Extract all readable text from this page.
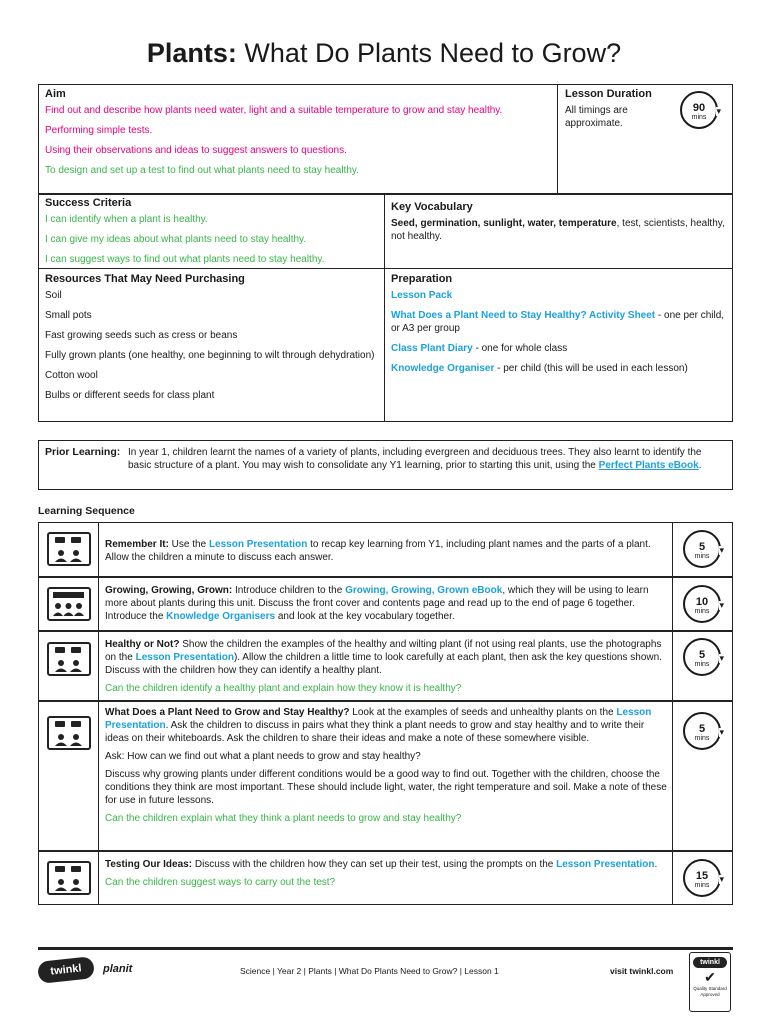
Plants: What Do Plants Need to Grow?
Aim
Find out and describe how plants need water, light and a suitable temperature to grow and stay healthy.
Performing simple tests.
Using their observations and ideas to suggest answers to questions.
To design and set up a test to find out what plants need to stay healthy.
Lesson Duration
All timings are approximate.
90
mins
▾
Success Criteria
I can identify when a plant is healthy.
I can give my ideas about what plants need to stay healthy.
I can suggest ways to find out what plants need to stay healthy.
Key Vocabulary
Seed, germination, sunlight, water, temperature, test, scientists, healthy, not healthy.
Resources That May Need Purchasing
Soil
Small pots
Fast growing seeds such as cress or beans
Fully grown plants (one healthy, one beginning to wilt through dehydration)
Cotton wool
Bulbs or different seeds for class plant
Preparation
Lesson Pack
What Does a Plant Need to Stay Healthy? Activity Sheet - one per child, or A3 per group
Class Plant Diary - one for whole class
Knowledge Organiser - per child (this will be used in each lesson)
Prior Learning: In year 1, children learnt the names of a variety of plants, including evergreen and deciduous trees. They also learnt to identify the basic structure of a plant. You may wish to consolidate any Y1 learning, prior to starting this unit, using the Perfect Plants eBook.
Learning Sequence
Remember It: Use the Lesson Presentation to recap key learning from Y1, including plant names and the parts of a plant. Allow the children a minute to discuss each answer.
5
mins
▾
Growing, Growing, Grown: Introduce children to the Growing, Growing, Grown eBook, which they will be using to learn more about plants during this unit. Discuss the front cover and contents page and read up to the end of page 6 together. Introduce the Knowledge Organisers and look at the key vocabulary together.
10
mins
▾
Healthy or Not? Show the children the examples of the healthy and wilting plant (if not using real plants, use the photographs on the Lesson Presentation). Allow the children a little time to look carefully at each plant, then ask the key questions shown. Discuss with the children how they can identify a healthy plant.
Can the children identify a healthy plant and explain how they know it is healthy?
5
mins
▾
What Does a Plant Need to Grow and Stay Healthy? Look at the examples of seeds and unhealthy plants on the Lesson Presentation. Ask the children to discuss in pairs what they think a plant needs to grow and stay healthy and to write their ideas on their whiteboards. Ask the children to share their ideas and make a note of these somewhere visible.
Ask: How can we find out what a plant needs to grow and stay healthy?
Discuss why growing plants under different conditions would be a good way to find out. Together with the children, choose the conditions they think are most important. These should include light, water, the right temperature and soil. Make a note of these for use in future lessons.
Can the children explain what they think a plant needs to grow and stay healthy?
5
mins
▾
Testing Our Ideas: Discuss with the children how they can set up their test, using the prompts on the Lesson Presentation.
Can the children suggest ways to carry out the test?
15
mins
▾
twinkl	planit	Science | Year 2 | Plants | What Do Plants Need to Grow? | Lesson 1	visit twinkl.com
twinkl
✔
Quality Standard Approved
